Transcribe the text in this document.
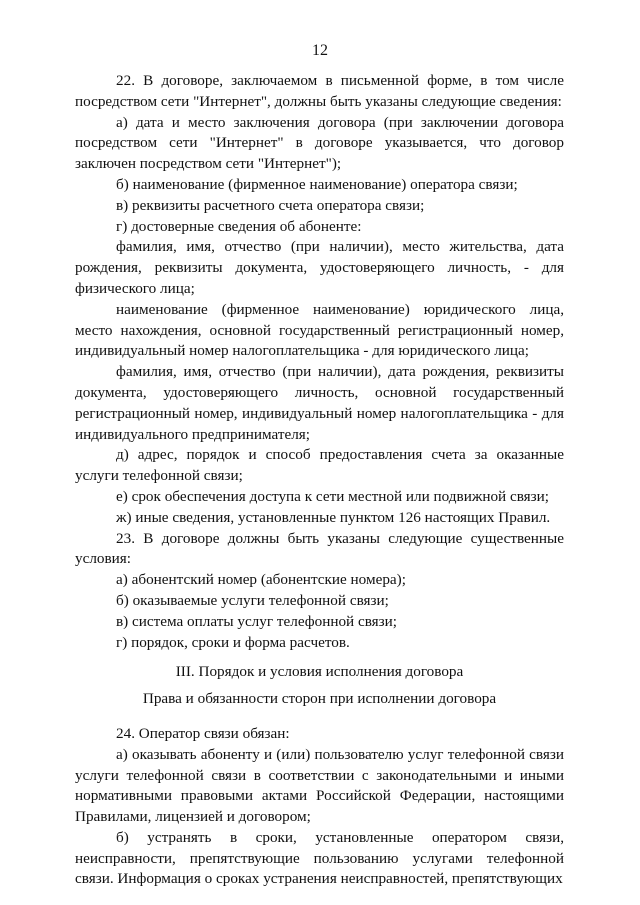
12

22. В договоре, заключаемом в письменной форме, в том числе посредством сети "Интернет", должны быть указаны следующие сведения:

а) дата и место заключения договора (при заключении договора посредством сети "Интернет" в договоре указывается, что договор заключен посредством сети "Интернет");

б) наименование (фирменное наименование) оператора связи;

в) реквизиты расчетного счета оператора связи;

г) достоверные сведения об абоненте:

фамилия, имя, отчество (при наличии), место жительства, дата рождения, реквизиты документа, удостоверяющего личность, - для физического лица;

наименование (фирменное наименование) юридического лица, место нахождения, основной государственный регистрационный номер, индивидуальный номер налогоплательщика - для юридического лица;

фамилия, имя, отчество (при наличии), дата рождения, реквизиты документа, удостоверяющего личность, основной государственный регистрационный номер, индивидуальный номер налогоплательщика - для индивидуального предпринимателя;

д) адрес, порядок и способ предоставления счета за оказанные услуги телефонной связи;

е) срок обеспечения доступа к сети местной или подвижной связи;

ж) иные сведения, установленные пунктом 126 настоящих Правил.

23. В договоре должны быть указаны следующие существенные условия:

а) абонентский номер (абонентские номера);

б) оказываемые услуги телефонной связи;

в) система оплаты услуг телефонной связи;

г) порядок, сроки и форма расчетов.

III. Порядок и условия исполнения договора

Права и обязанности сторон при исполнении договора

24. Оператор связи обязан:

а) оказывать абоненту и (или) пользователю услуг телефонной связи услуги телефонной связи в соответствии с законодательными и иными нормативными правовыми актами Российской Федерации, настоящими Правилами, лицензией и договором;

б) устранять в сроки, установленные оператором связи, неисправности, препятствующие пользованию услугами телефонной связи. Информация о сроках устранения неисправностей, препятствующих
